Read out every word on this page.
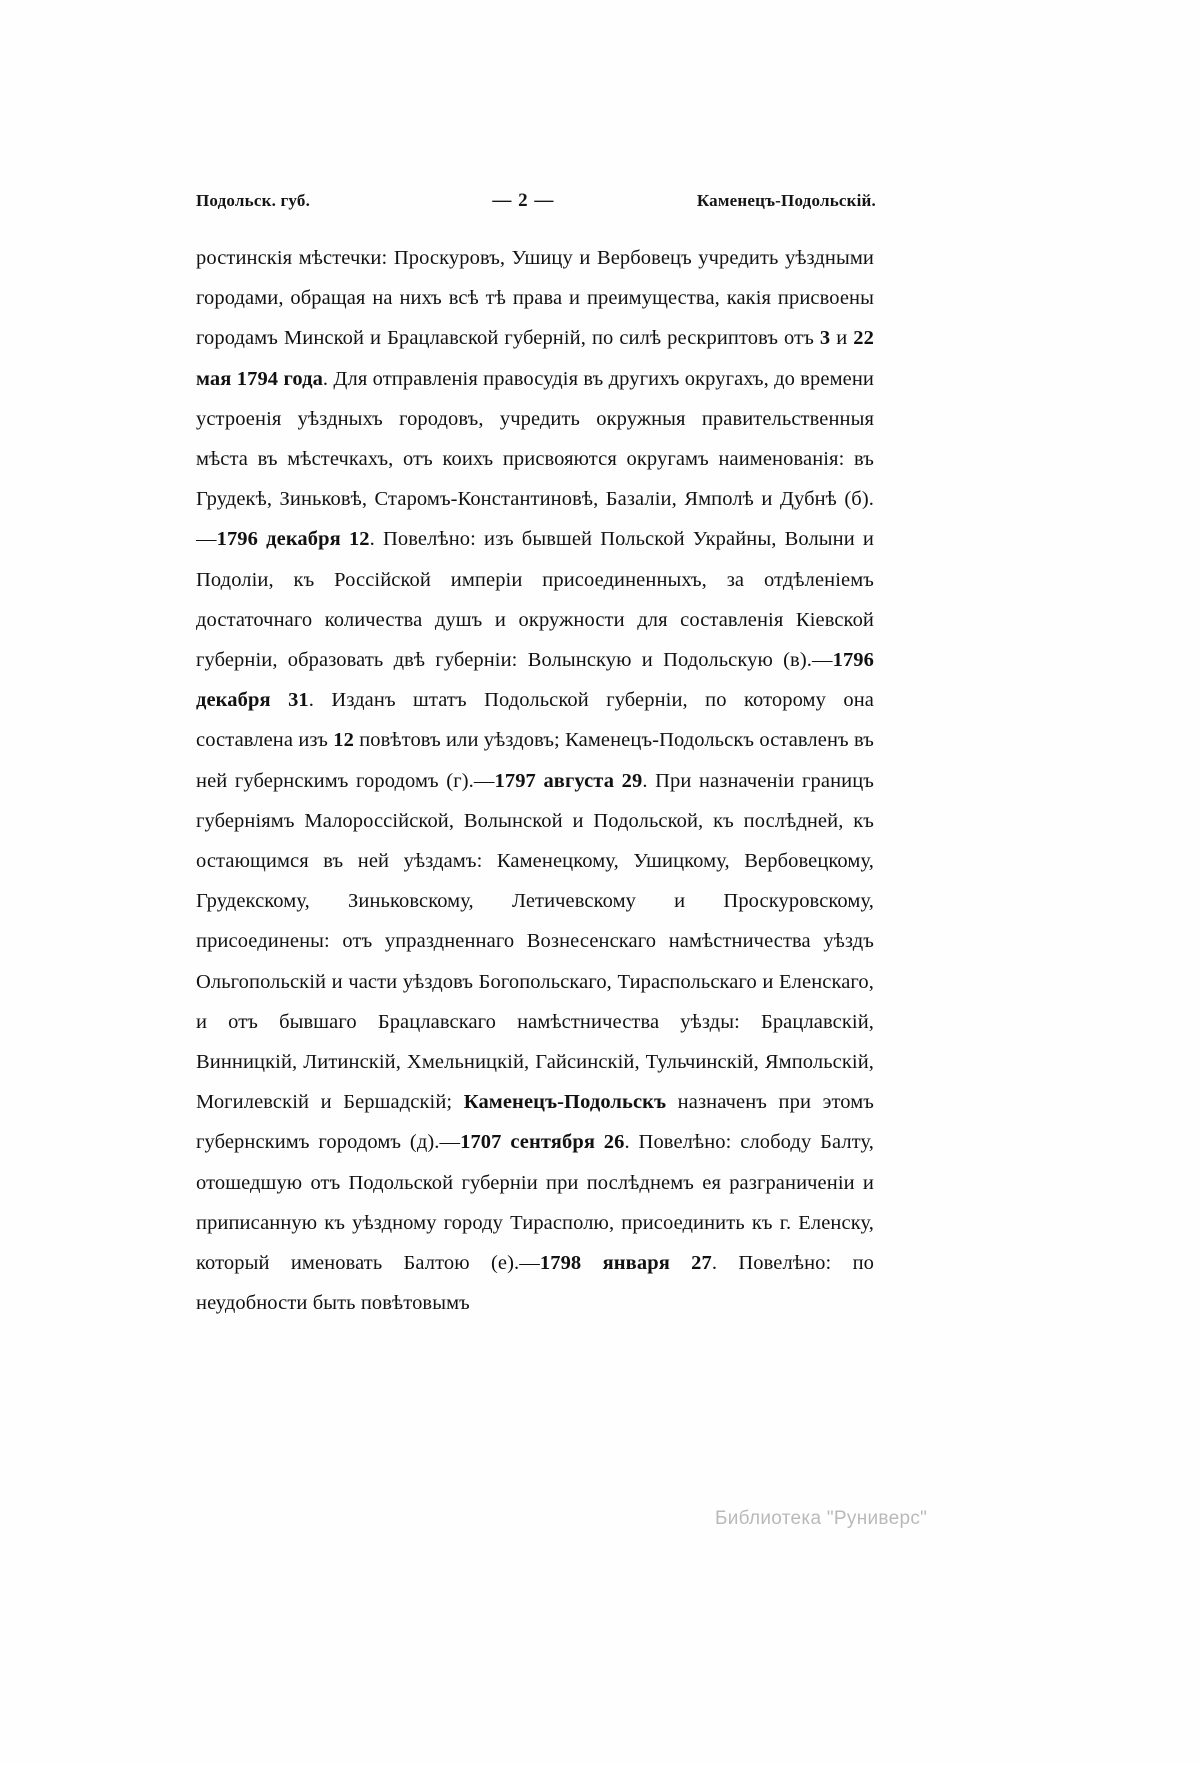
Подольск. губ.	— 2 —	Каменецъ-Подольскій.
ростинскія мѣстечки: Проскуровъ, Ушицу и Вербовецъ учредить уѣздными городами, обращая на нихъ всѣ тѣ права и преимущества, какія присвоены городамъ Минской и Брацлавской губерній, по силѣ рескриптовъ отъ 3 и 22 мая 1794 года. Для отправленія правосудія въ другихъ округахъ, до времени устроенія уѣздныхъ городовъ, учредить окружныя правительственныя мѣста въ мѣстечкахъ, отъ коихъ присвояются округамъ наименованія: въ Грудекѣ, Зиньковѣ, Старомъ-Константиновѣ, Базаліи, Ямполѣ и Дубнѣ (б).—1796 декабря 12. Повелѣно: изъ бывшей Польской Украйны, Волыни и Подоліи, къ Россійской имперіи присоединенныхъ, за отдѣленіемъ достаточнаго количества душъ и окружности для составленія Кіевской губерніи, образовать двѣ губерніи: Волынскую и Подольскую (в).—1796 декабря 31. Изданъ штатъ Подольской губерніи, по которому она составлена изъ 12 повѣтовъ или уѣздовъ; Каменецъ-Подольскъ оставленъ въ ней губернскимъ городомъ (г).—1797 августа 29. При назначеніи границъ губерніямъ Малороссійской, Волынской и Подольской, къ послѣдней, къ остающимся въ ней уѣздамъ: Каменецкому, Ушицкому, Вербовецкому, Грудекскому, Зиньковскому, Летичевскому и Проскуровскому, присоединены: отъ упраздненнаго Вознесенскаго намѣстничества уѣздъ Ольгопольскій и части уѣздовъ Богопольскаго, Тираспольскаго и Еленскаго, и отъ бывшаго Брацлавскаго намѣстничества уѣзды: Брацлавскій, Винницкій, Литинскій, Хмельницкій, Гайсинскій, Тульчинскій, Ямпольскій, Могилевскій и Бершадскій; Каменецъ-Подольскъ назначенъ при этомъ губернскимъ городомъ (д).—1707 сентября 26. Повелѣно: слободу Балту, отошедшую отъ Подольской губерніи при послѣднемъ ея разграниченіи и приписанную къ уѣздному городу Тирасполю, присоединить къ г. Еленску, который именовать Балтою (е).—1798 января 27. Повелѣно: по неудобности быть повѣтовымъ
Библиотека "Руниверс"
